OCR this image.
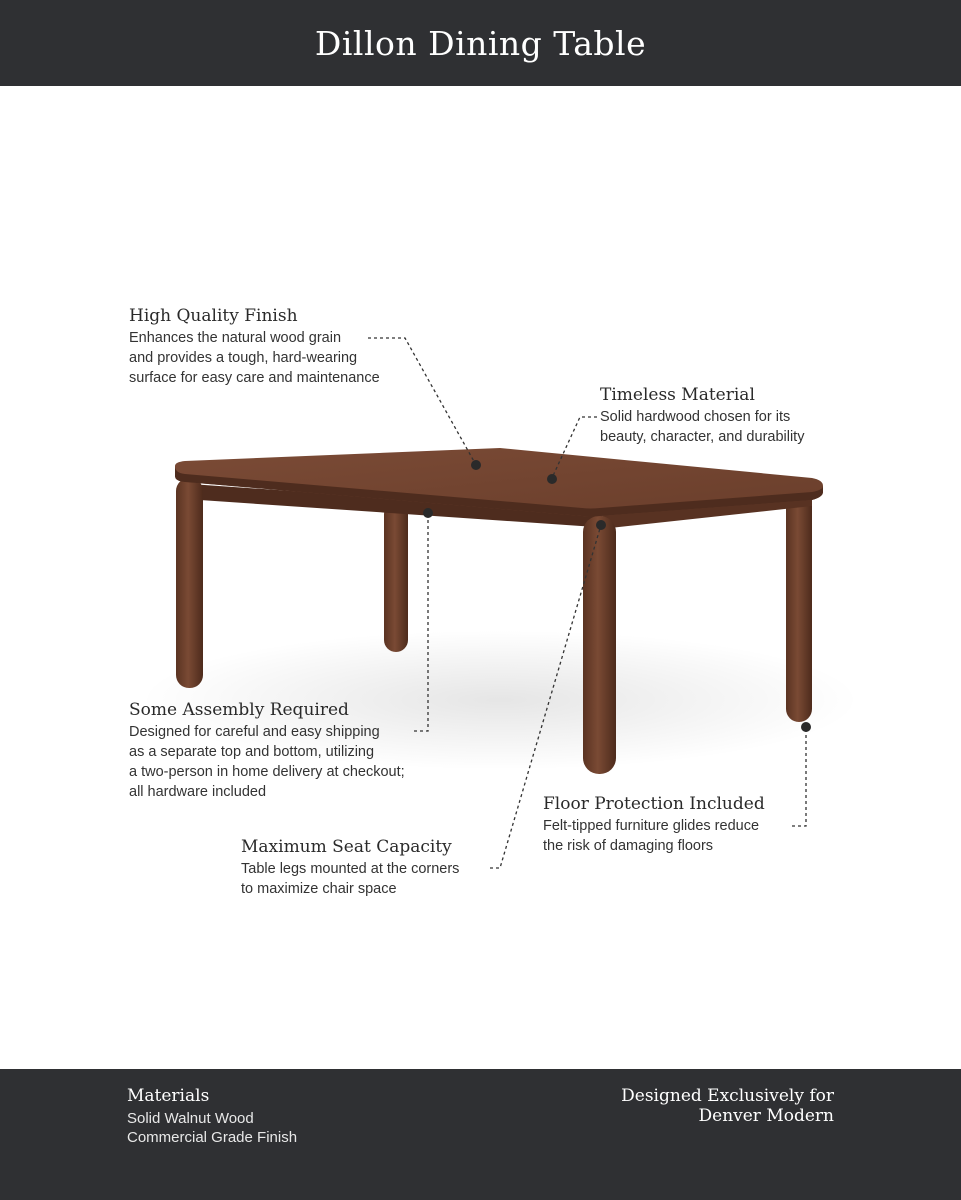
Dillon Dining Table
High Quality Finish
Enhances the natural wood grain
and provides a tough, hard-wearing
surface for easy care and maintenance
Timeless Material
Solid hardwood chosen for its
beauty, character, and durability
Some Assembly Required
Designed for careful and easy shipping
as a separate top and bottom, utilizing
a two-person in home delivery at checkout;
all hardware included
Floor Protection Included
Felt-tipped furniture glides reduce
the risk of damaging floors
Maximum Seat Capacity
Table legs mounted at the corners
to maximize chair space
Materials
Solid Walnut Wood
Commercial Grade Finish
Designed Exclusively for
Denver Modern
